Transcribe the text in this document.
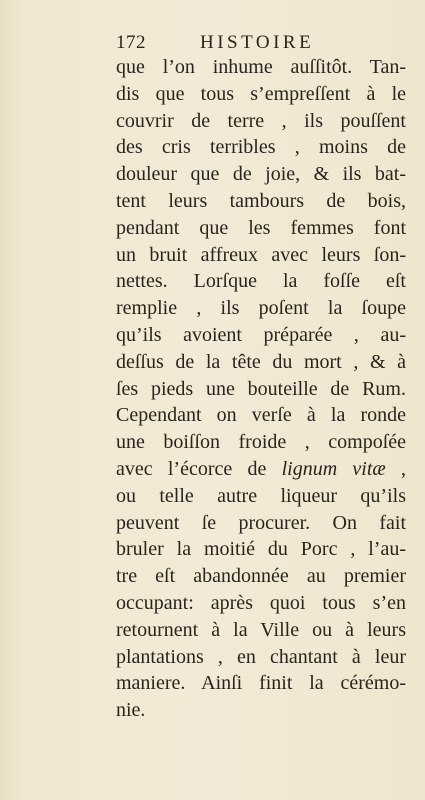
172	HISTOIRE
que l’on inhume auſſitôt. Tan-
dis que tous s’empreſſent à le
couvrir de terre , ils pouſſent
des cris terribles , moins de
douleur que de joie, & ils bat-
tent leurs tambours de bois,
pendant que les femmes font
un bruit affreux avec leurs ſon-
nettes. Lorſque la foſſe eſt
remplie , ils poſent la ſoupe
qu’ils avoient préparée , au-
deſſus de la tête du mort , & à
ſes pieds une bouteille de Rum.
Cependant on verſe à la ronde
une boiſſon froide , compoſée
avec l’écorce de lignum vitæ ,
ou telle autre liqueur qu’ils
peuvent ſe procurer. On fait
bruler la moitié du Porc , l’au-
tre eſt abandonnée au premier
occupant: après quoi tous s’en
retournent à la Ville ou à leurs
plantations , en chantant à leur
maniere. Ainſi finit la cérémo-
nie.
